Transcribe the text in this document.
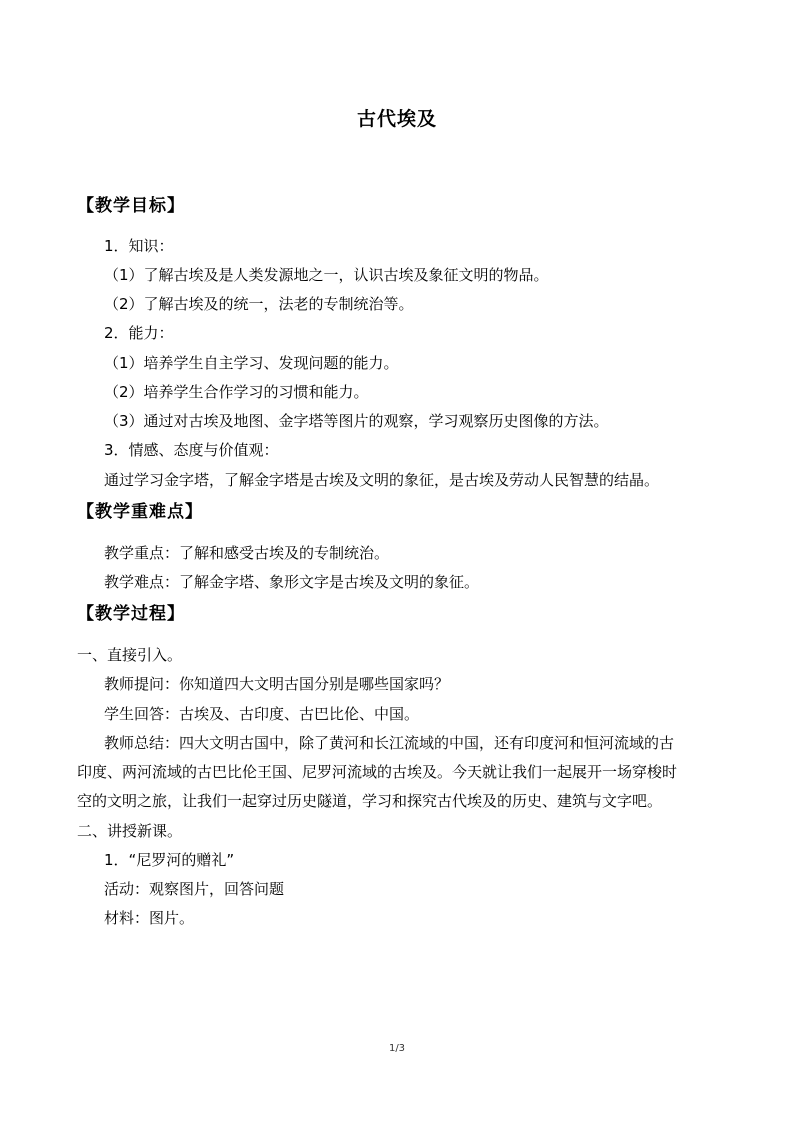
古代埃及
【教学目标】
1．知识：
（1）了解古埃及是人类发源地之一，认识古埃及象征文明的物品。
（2）了解古埃及的统一，法老的专制统治等。
2．能力：
（1）培养学生自主学习、发现问题的能力。
（2）培养学生合作学习的习惯和能力。
（3）通过对古埃及地图、金字塔等图片的观察，学习观察历史图像的方法。
3．情感、态度与价值观：
通过学习金字塔，了解金字塔是古埃及文明的象征，是古埃及劳动人民智慧的结晶。
【教学重难点】
教学重点：了解和感受古埃及的专制统治。
教学难点：了解金字塔、象形文字是古埃及文明的象征。
【教学过程】
一、直接引入。
教师提问：你知道四大文明古国分别是哪些国家吗？
学生回答：古埃及、古印度、古巴比伦、中国。
教师总结：四大文明古国中，除了黄河和长江流域的中国，还有印度河和恒河流域的古
印度、两河流域的古巴比伦王国、尼罗河流域的古埃及。今天就让我们一起展开一场穿梭时
空的文明之旅，让我们一起穿过历史隧道，学习和探究古代埃及的历史、建筑与文字吧。
二、讲授新课。
1．“尼罗河的赠礼”
活动：观察图片，回答问题
材料：图片。
1/3
